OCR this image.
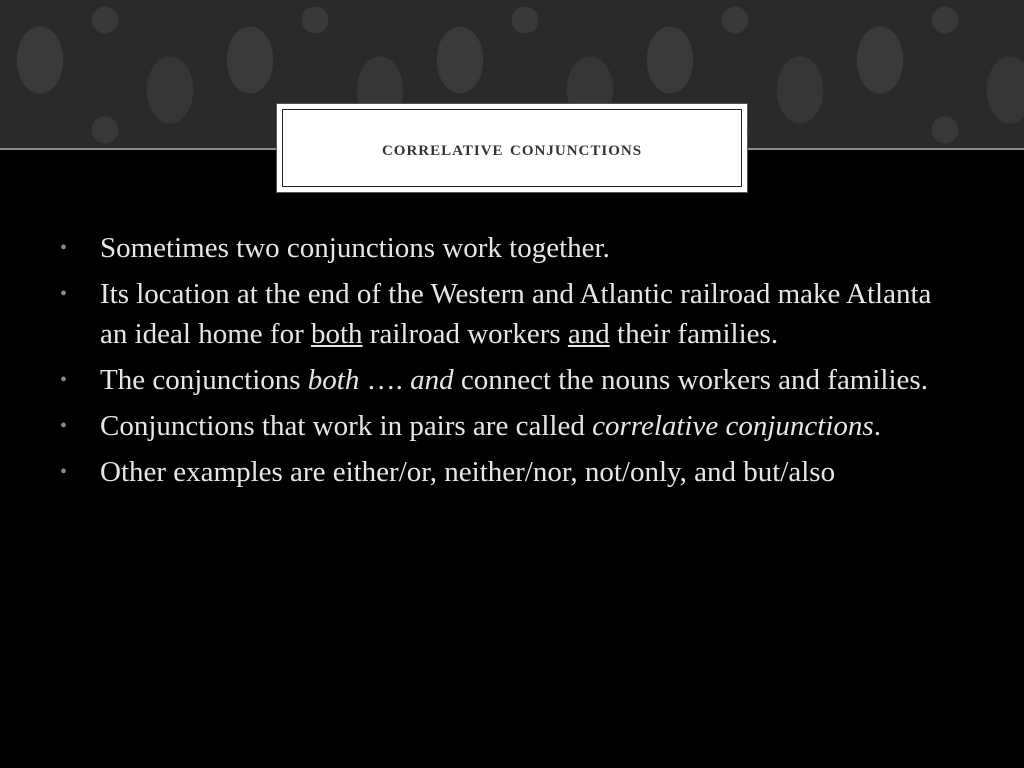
correlative conjunctions
• Sometimes two conjunctions work together.
• Its location at the end of the Western and Atlantic railroad make Atlanta an ideal home for both railroad workers and their families.
• The conjunctions both …. and connect the nouns workers and families.
• Conjunctions that work in pairs are called correlative conjunctions.
• Other examples are either/or, neither/nor, not/only, and but/also
